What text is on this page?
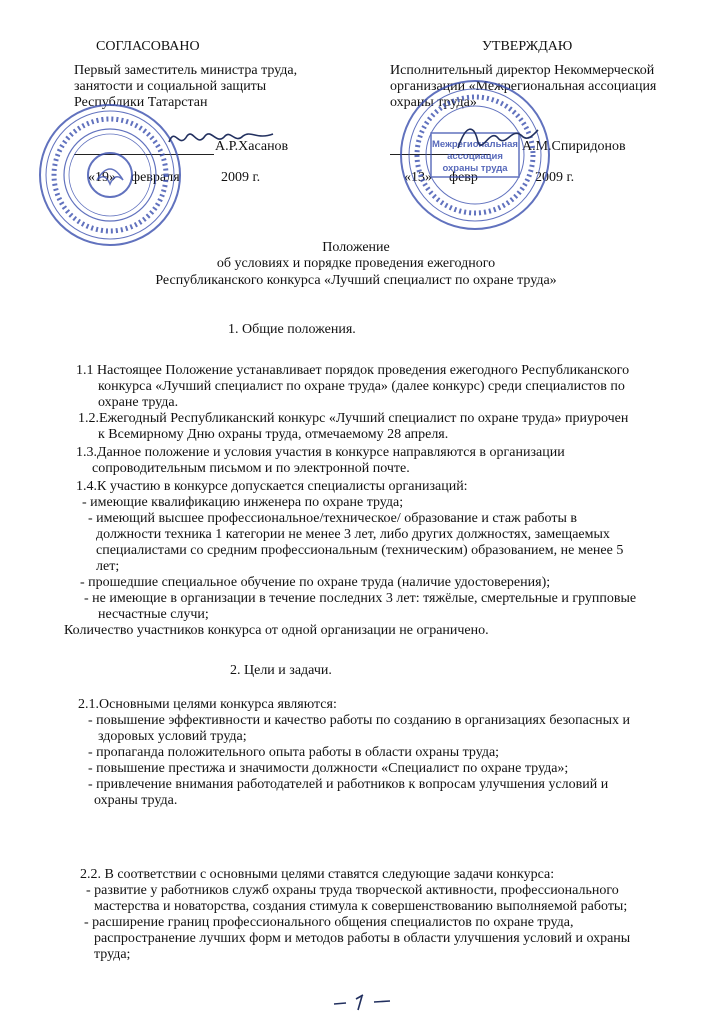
СОГЛАСОВАНО
Первый заместитель министра труда,
занятости и социальной защиты
Республики Татарстан
А.Р.Хасанов
«19» февраля	2009 г.
УТВЕРЖДАЮ
Исполнительный директор Некоммерческой
организации «Межрегиональная ассоциация
охраны труда»
А.М.Спиридонов
«13» февр	2009 г.
Межрегиональная
ассоциация
охраны труда
Положение
об условиях и порядке проведения ежегодного
Республиканского конкурса «Лучший специалист по охране труда»
1. Общие положения.
1.1 Настоящее Положение устанавливает порядок проведения ежегодного Республиканского
конкурса «Лучший специалист по охране труда» (далее конкурс) среди специалистов по
охране труда.
1.2.Ежегодный Республиканский конкурс «Лучший специалист по охране труда» приурочен
к Всемирному Дню охраны труда, отмечаемому 28 апреля.
1.3.Данное положение и условия участия в конкурсе направляются в организации
сопроводительным письмом и по электронной почте.
1.4.К участию в конкурсе допускается специалисты организаций:
- имеющие квалификацию инженера по охране труда;
- имеющий высшее профессиональное/техническое/ образование и стаж работы в
должности техника 1 категории не менее 3 лет, либо других должностях, замещаемых
специалистами со средним профессиональным (техническим) образованием, не менее 5
лет;
- прошедшие специальное обучение по охране труда (наличие удостоверения);
- не имеющие в организации в течение последних 3 лет: тяжёлые, смертельные и групповые
несчастные случи;
Количество участников конкурса от одной организации не ограничено.
2. Цели и задачи.
2.1.Основными целями конкурса являются:
- повышение эффективности и качество работы по созданию в организациях безопасных и
здоровых условий труда;
- пропаганда положительного опыта работы в области охраны труда;
- повышение престижа и значимости должности «Специалист по охране труда»;
- привлечение внимания работодателей и работников к вопросам улучшения условий и
охраны труда.
2.2. В соответствии с основными целями ставятся следующие задачи конкурса:
- развитие у работников служб охраны труда творческой активности, профессионального
мастерства и новаторства, создания стимула к совершенствованию выполняемой работы;
- расширение границ профессионального общения специалистов по охране труда,
распространение лучших форм и методов работы в области улучшения условий и охраны
труда;
